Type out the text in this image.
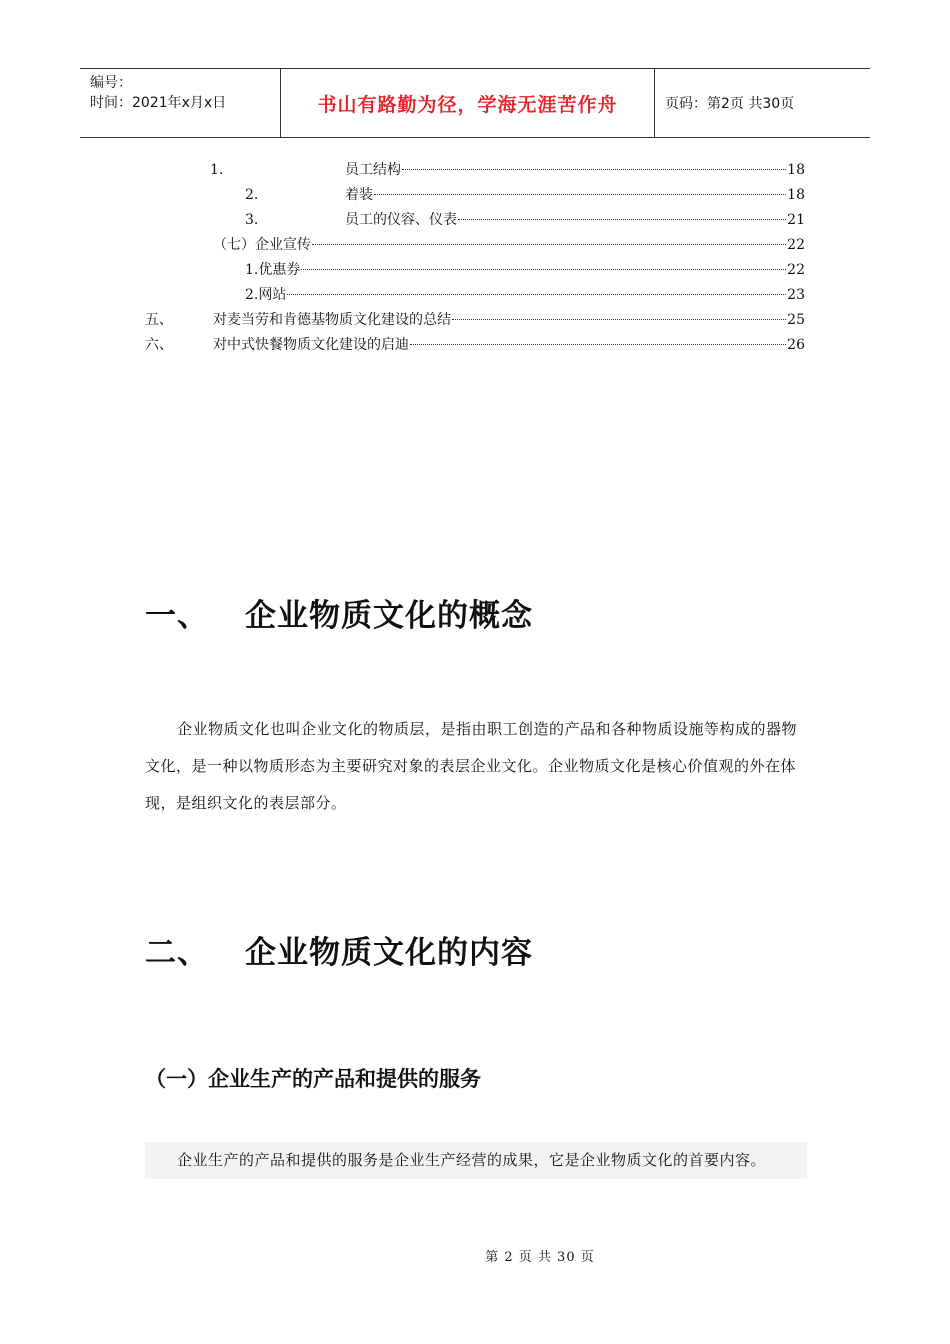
编号：
时间：2021年x月x日	书山有路勤为径，学海无涯苦作舟	页码：第2页 共30页
1.	员工结构	18
2.	着装	18
3.	员工的仪容、仪表	21
（七）企业宣传	22
1.优惠券	22
2.网站	23
五、	对麦当劳和肯德基物质文化建设的总结	25
六、	对中式快餐物质文化建设的启迪	26
一、 企业物质文化的概念
企业物质文化也叫企业文化的物质层，是指由职工创造的产品和各种物质设施等构成的器物文化，是一种以物质形态为主要研究对象的表层企业文化。企业物质文化是核心价值观的外在体现，是组织文化的表层部分。
二、 企业物质文化的内容
（一）企业生产的产品和提供的服务
企业生产的产品和提供的服务是企业生产经营的成果，它是企业物质文化的首要内容。
第 2 页 共 30 页
